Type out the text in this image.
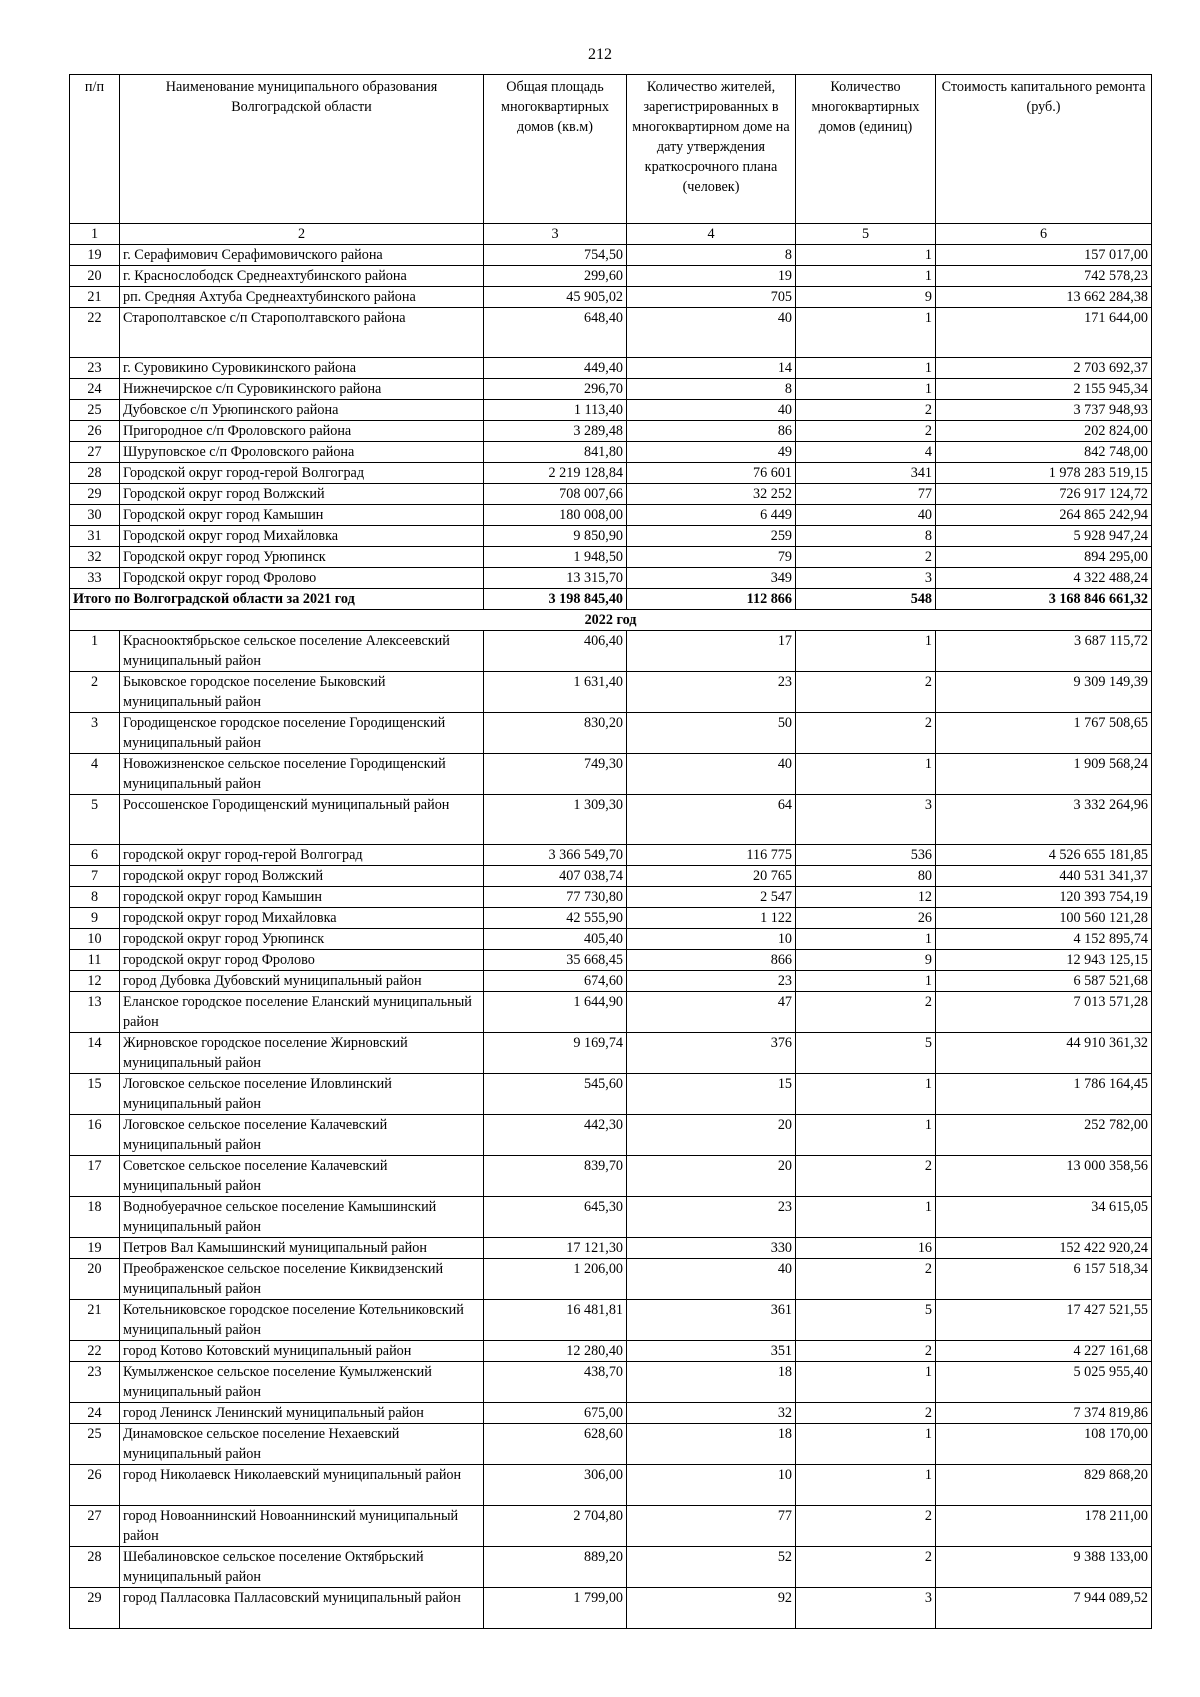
212
п/п	Наименование муниципального образования Волгоградской области	Общая площадь многоквартирных домов (кв.м)	Количество жителей, зарегистрированных в многоквартирном доме на дату утверждения краткосрочного плана (человек)	Количество многоквартирных домов (единиц)	Стоимость капитального ремонта (руб.)
1	2	3	4	5	6
19	г. Серафимович Серафимовичского района	754,50	8	1	157 017,00
20	г. Краснослободск Среднеахтубинского района	299,60	19	1	742 578,23
21	рп. Средняя Ахтуба Среднеахтубинского района	45 905,02	705	9	13 662 284,38
22	Старополтавское с/п Старополтавского района	648,40	40	1	171 644,00
23	г. Суровикино Суровикинского района	449,40	14	1	2 703 692,37
24	Нижнечирское с/п Суровикинского района	296,70	8	1	2 155 945,34
25	Дубовское с/п Урюпинского района	1 113,40	40	2	3 737 948,93
26	Пригородное с/п Фроловского района	3 289,48	86	2	202 824,00
27	Шуруповское с/п Фроловского района	841,80	49	4	842 748,00
28	Городской округ город-герой Волгоград	2 219 128,84	76 601	341	1 978 283 519,15
29	Городской округ город Волжский	708 007,66	32 252	77	726 917 124,72
30	Городской округ город Камышин	180 008,00	6 449	40	264 865 242,94
31	Городской округ город Михайловка	9 850,90	259	8	5 928 947,24
32	Городской округ город Урюпинск	1 948,50	79	2	894 295,00
33	Городской округ город Фролово	13 315,70	349	3	4 322 488,24
Итого по Волгоградской области за 2021 год		3 198 845,40	112 866	548	3 168 846 661,32
2022 год					
1	Краснооктябрьское сельское поселение Алексеевский муниципальный район	406,40	17	1	3 687 115,72
2	Быковское городское поселение Быковский муниципальный район	1 631,40	23	2	9 309 149,39
3	Городищенское городское поселение Городищенский муниципальный район	830,20	50	2	1 767 508,65
4	Новожизненское сельское поселение Городищенский муниципальный район	749,30	40	1	1 909 568,24
5	Россошенское Городищенский муниципальный район	1 309,30	64	3	3 332 264,96
6	городской округ город-герой Волгоград	3 366 549,70	116 775	536	4 526 655 181,85
7	городской округ город Волжский	407 038,74	20 765	80	440 531 341,37
8	городской округ город Камышин	77 730,80	2 547	12	120 393 754,19
9	городской округ город Михайловка	42 555,90	1 122	26	100 560 121,28
10	городской округ город Урюпинск	405,40	10	1	4 152 895,74
11	городской округ город Фролово	35 668,45	866	9	12 943 125,15
12	город Дубовка Дубовский муниципальный район	674,60	23	1	6 587 521,68
13	Еланское городское поселение Еланский муниципальный район	1 644,90	47	2	7 013 571,28
14	Жирновское городское поселение Жирновский муниципальный район	9 169,74	376	5	44 910 361,32
15	Логовское сельское поселение Иловлинский муниципальный район	545,60	15	1	1 786 164,45
16	Логовское сельское поселение Калачевский муниципальный район	442,30	20	1	252 782,00
17	Советское сельское поселение Калачевский муниципальный район	839,70	20	2	13 000 358,56
18	Воднобуерачное сельское поселение Камышинский муниципальный район	645,30	23	1	34 615,05
19	Петров Вал Камышинский муниципальный район	17 121,30	330	16	152 422 920,24
20	Преображенское сельское поселение Киквидзенский муниципальный район	1 206,00	40	2	6 157 518,34
21	Котельниковское городское поселение Котельниковский муниципальный район	16 481,81	361	5	17 427 521,55
22	город Котово Котовский муниципальный район	12 280,40	351	2	4 227 161,68
23	Кумылженское сельское поселение Кумылженский муниципальный район	438,70	18	1	5 025 955,40
24	город Ленинск Ленинский муниципальный район	675,00	32	2	7 374 819,86
25	Динамовское сельское поселение Нехаевский муниципальный район	628,60	18	1	108 170,00
26	город Николаевск Николаевский муниципальный район	306,00	10	1	829 868,20
27	город Новоаннинский Новоаннинский муниципальный район	2 704,80	77	2	178 211,00
28	Шебалиновское сельское поселение Октябрьский муниципальный район	889,20	52	2	9 388 133,00
29	город Палласовка Палласовский муниципальный район	1 799,00	92	3	7 944 089,52
